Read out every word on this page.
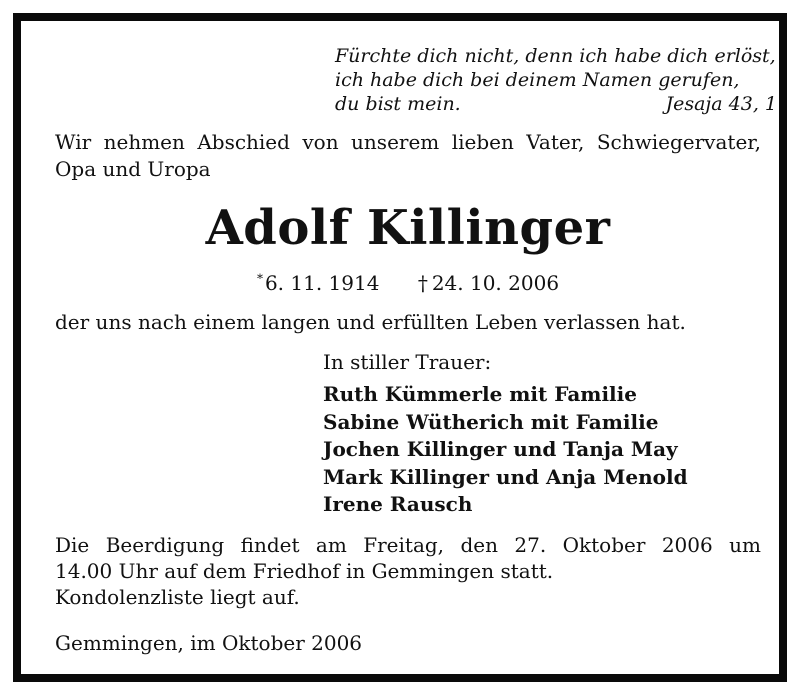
Fürchte dich nicht, denn ich habe dich erlöst,
ich habe dich bei deinem Namen gerufen,
du bist mein.	Jesaja 43, 1
Wir nehmen Abschied von unserem lieben Vater, Schwiegervater, Opa und Uropa
Adolf Killinger
* 6. 11. 1914 † 24. 10. 2006
der uns nach einem langen und erfüllten Leben verlassen hat.
In stiller Trauer:
Ruth Kümmerle mit Familie
Sabine Wütherich mit Familie
Jochen Killinger und Tanja May
Mark Killinger und Anja Menold
Irene Rausch
Die Beerdigung findet am Freitag, den 27. Oktober 2006 um
14.00 Uhr auf dem Friedhof in Gemmingen statt.
Kondolenzliste liegt auf.
Gemmingen, im Oktober 2006
